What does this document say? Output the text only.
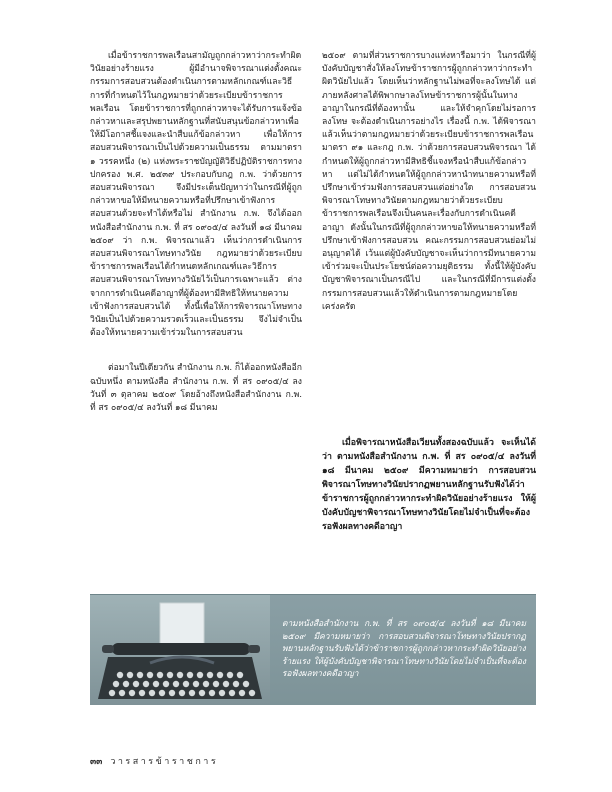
เมื่อข้าราชการพลเรือนสามัญถูกกล่าวหาว่ากระทำผิดวินัยอย่างร้ายแรง ผู้มีอำนาจพิจารณาแต่งตั้งคณะกรรมการสอบสวนต้องดำเนินการตามหลักเกณฑ์และวิธีการที่กำหนดไว้ในกฎหมายว่าด้วยระเบียบข้าราชการพลเรือน โดยข้าราชการที่ถูกกล่าวหาจะได้รับการแจ้งข้อกล่าวหาและสรุปพยานหลักฐานที่สนับสนุนข้อกล่าวหาเพื่อให้มีโอกาสชี้แจงและนำสืบแก้ข้อกล่าวหา เพื่อให้การสอบสวนพิจารณาเป็นไปด้วยความเป็นธรรม ตามมาตรา ๑ วรรคหนึ่ง (๒) แห่งพระราชบัญญัติวิธีปฏิบัติราชการทางปกครอง พ.ศ. ๒๕๓๙ ประกอบกับกฎ ก.พ. ว่าด้วยการสอบสวนพิจารณา จึงมีประเด็นปัญหาว่าในกรณีที่ผู้ถูกกล่าวหาขอให้มีทนายความหรือที่ปรึกษาเข้าฟังการสอบสวนด้วยจะทำได้หรือไม่ สำนักงาน ก.พ. จึงได้ออกหนังสือสำนักงาน ก.พ. ที่ สร ๐๙๐๕/๔ ลงวันที่ ๑๘ มีนาคม ๒๕๐๙ ว่า ก.พ. พิจารณาแล้ว เห็นว่าการดำเนินการสอบสวนพิจารณาโทษทางวินัย กฎหมายว่าด้วยระเบียบข้าราชการพลเรือนได้กำหนดหลักเกณฑ์และวิธีการสอบสวนพิจารณาโทษทางวินัยไว้เป็นการเฉพาะแล้ว ต่างจากการดำเนินคดีอาญาที่ผู้ต้องหามีสิทธิให้ทนายความเข้าฟังการสอบสวนได้ ทั้งนี้เพื่อให้การพิจารณาโทษทางวินัยเป็นไปด้วยความรวดเร็วและเป็นธรรม จึงไม่จำเป็นต้องให้ทนายความเข้าร่วมในการสอบสวน

ต่อมาในปีเดียวกัน สำนักงาน ก.พ. ก็ได้ออกหนังสืออีกฉบับหนึ่ง ตามหนังสือ สำนักงาน ก.พ. ที่ สร ๐๙๐๕/๔ ลงวันที่ ๓ ตุลาคม ๒๕๐๙ โดยอ้างถึงหนังสือสำนักงาน ก.พ. ที่ สร ๐๙๐๕/๔ ลงวันที่ ๑๘ มีนาคม

๒๕๐๙ ตามที่ส่วนราชการบางแห่งหารือมาว่า ในกรณีที่ผู้บังคับบัญชาสั่งให้ลงโทษข้าราชการผู้ถูกกล่าวหาว่ากระทำผิดวินัยไปแล้ว โดยเห็นว่าหลักฐานไม่พอที่จะลงโทษได้ แต่ภายหลังศาลได้พิพากษาลงโทษข้าราชการผู้นั้นในทางอาญาในกรณีที่ต้องหานั้น และให้จำคุกโดยไม่รอการลงโทษ จะต้องดำเนินการอย่างไร เรื่องนี้ ก.พ. ได้พิจารณาแล้วเห็นว่าตามกฎหมายว่าด้วยระเบียบข้าราชการพลเรือน มาตรา ๙๑ และกฎ ก.พ. ว่าด้วยการสอบสวนพิจารณา ได้กำหนดให้ผู้ถูกกล่าวหามีสิทธิชี้แจงหรือนำสืบแก้ข้อกล่าวหา แต่ไม่ได้กำหนดให้ผู้ถูกกล่าวหานำทนายความหรือที่ปรึกษาเข้าร่วมฟังการสอบสวนแต่อย่างใด การสอบสวนพิจารณาโทษทางวินัยตามกฎหมายว่าด้วยระเบียบข้าราชการพลเรือนจึงเป็นคนละเรื่องกับการดำเนินคดีอาญา ดังนั้นในกรณีที่ผู้ถูกกล่าวหาขอให้ทนายความหรือที่ปรึกษาเข้าฟังการสอบสวน คณะกรรมการสอบสวนย่อมไม่อนุญาตได้ เว้นแต่ผู้บังคับบัญชาจะเห็นว่าการมีทนายความเข้าร่วมจะเป็นประโยชน์ต่อความยุติธรรม ทั้งนี้ให้ผู้บังคับบัญชาพิจารณาเป็นกรณีไป และในกรณีที่มีการแต่งตั้งกรรมการสอบสวนแล้วให้ดำเนินการตามกฎหมายโดยเคร่งครัด

เมื่อพิจารณาหนังสือเวียนทั้งสองฉบับแล้ว จะเห็นได้ว่า ตามหนังสือสำนักงาน ก.พ. ที่ สร ๐๙๐๕/๔ ลงวันที่ ๑๘ มีนาคม ๒๕๐๙ มีความหมายว่า การสอบสวนพิจารณาโทษทางวินัยปรากฏพยานหลักฐานรับฟังได้ว่าข้าราชการผู้ถูกกล่าวหากระทำผิดวินัยอย่างร้ายแรง ให้ผู้บังคับบัญชาพิจารณาโทษทางวินัยโดยไม่จำเป็นที่จะต้องรอฟังผลทางคดีอาญา

ตามหนังสือสำนักงาน ก.พ. ที่ สร ๐๙๐๕/๔ ลงวันที่ ๑๘ มีนาคม ๒๕๐๙ มีความหมายว่า การสอบสวนพิจารณาโทษทางวินัยปรากฏพยานหลักฐานรับฟังได้ว่าข้าราชการผู้ถูกกล่าวหากระทำผิดวินัยอย่างร้ายแรง ให้ผู้บังคับบัญชาพิจารณาโทษทางวินัยโดยไม่จำเป็นที่จะต้องรอฟังผลทางคดีอาญา
๓๓ วารสารข้าราชการ
